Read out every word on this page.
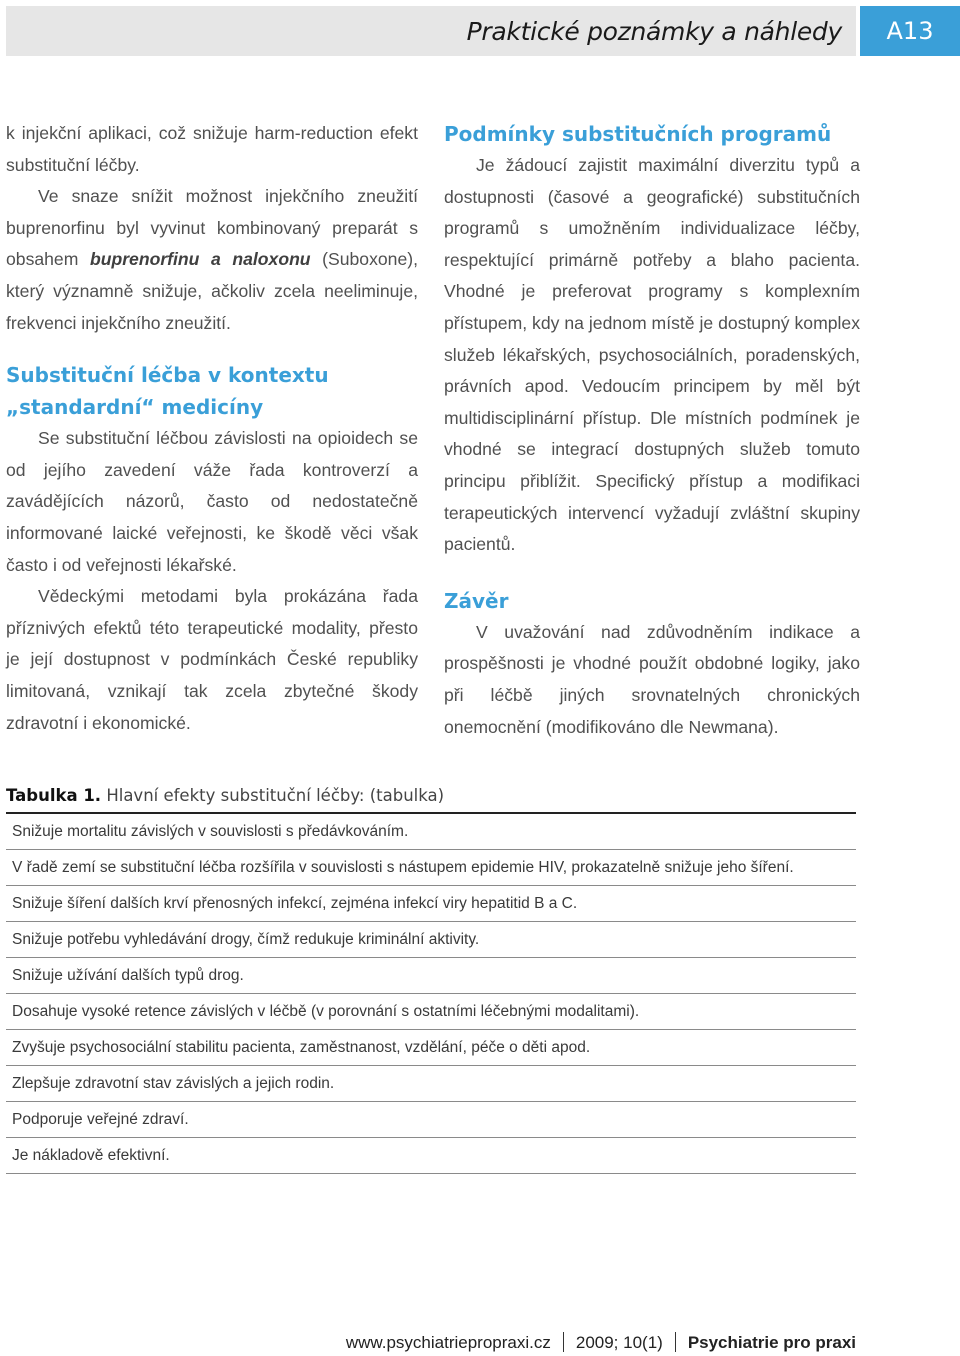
Praktické poznámky a náhledy	A13

k injekční aplikaci, což snižuje harm-reduction efekt substituční léčby.

Ve snaze snížit možnost injekčního zneužití buprenorfinu byl vyvinut kombinovaný preparát s obsahem buprenorfinu a naloxonu (Suboxone), který významně snižuje, ačkoliv zcela neeliminuje, frekvenci injekčního zneužití.

Substituční léčba v kontextu
„standardní“ medicíny

Se substituční léčbou závislosti na opioidech se od jejího zavedení váže řada kontroverzí a zavádějících názorů, často od nedostatečně informované laické veřejnosti, ke škodě věci však často i od veřejnosti lékařské.

Vědeckými metodami byla prokázána řada příznivých efektů této terapeutické modality, přesto je její dostupnost v podmínkách České republiky limitovaná, vznikají tak zcela zbytečné škody zdravotní i ekonomické.

Podmínky substitučních programů

Je žádoucí zajistit maximální diverzitu typů a dostupnosti (časové a geografické) substitučních programů s umožněním individualizace léčby, respektující primárně potřeby a blaho pacienta. Vhodné je preferovat programy s komplexním přístupem, kdy na jednom místě je dostupný komplex služeb lékařských, psychosociálních, poradenských, právních apod. Vedoucím principem by měl být multidisciplinární přístup. Dle místních podmínek je vhodné se integrací dostupných služeb tomuto principu přiblížit. Specifický přístup a modifikaci terapeutických intervencí vyžadují zvláštní skupiny pacientů.

Závěr

V uvažování nad zdůvodněním indikace a prospěšnosti je vhodné použít obdobné logiky, jako při léčbě jiných srovnatelných chronických onemocnění (modifikováno dle Newmana).

Tabulka 1. Hlavní efekty substituční léčby: (tabulka)
Snižuje mortalitu závislých v souvislosti s předávkováním.
V řadě zemí se substituční léčba rozšířila v souvislosti s nástupem epidemie HIV, prokazatelně snižuje jeho šíření.
Snižuje šíření dalších krví přenosných infekcí, zejména infekcí viry hepatitid B a C.
Snižuje potřebu vyhledávání drogy, čímž redukuje kriminální aktivity.
Snižuje užívání dalších typů drog.
Dosahuje vysoké retence závislých v léčbě (v porovnání s ostatními léčebnými modalitami).
Zvyšuje psychosociální stabilitu pacienta, zaměstnanost, vzdělání, péče o děti apod.
Zlepšuje zdravotní stav závislých a jejich rodin.
Podporuje veřejné zdraví.
Je nákladově efektivní.
www.psychiatriepropraxi.cz 2009; 10(1) Psychiatrie pro praxi
